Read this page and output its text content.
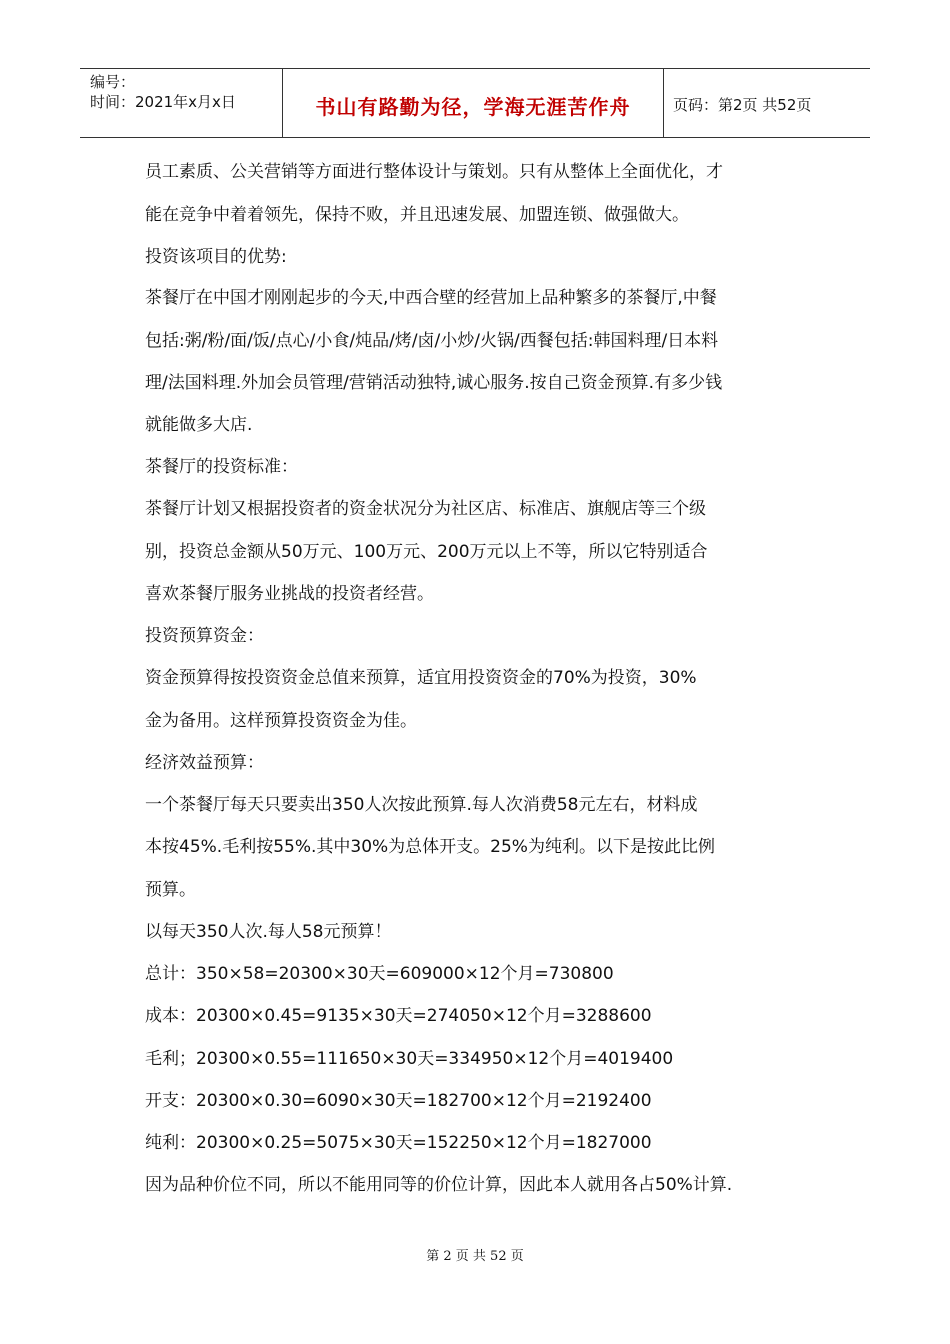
编号：
时间：2021年x月x日	书山有路勤为径，学海无涯苦作舟	页码：第2页 共52页
员工素质、公关营销等方面进行整体设计与策划。只有从整体上全面优化，才
能在竞争中着着领先，保持不败，并且迅速发展、加盟连锁、做强做大。
投资该项目的优势:
茶餐厅在中国才刚刚起步的今天,中西合壁的经营加上品种繁多的茶餐厅,中餐
包括:粥/粉/面/饭/点心/小食/炖品/烤/卤/小炒/火锅/西餐包括:韩国料理/日本料
理/法国料理.外加会员管理/营销活动独特,诚心服务.按自己资金预算.有多少钱
就能做多大店.
茶餐厅的投资标准：
茶餐厅计划又根据投资者的资金状况分为社区店、标准店、旗舰店等三个级
别，投资总金额从50万元、100万元、200万元以上不等，所以它特别适合
喜欢茶餐厅服务业挑战的投资者经营。
投资预算资金：
资金预算得按投资资金总值来预算，适宜用投资资金的70%为投资，30%
金为备用。这样预算投资资金为佳。
经济效益预算：
一个茶餐厅每天只要卖出350人次按此预算.每人次消费58元左右，材料成
本按45%.毛利按55%.其中30%为总体开支。25%为纯利。以下是按此比例
预算。
以每天350人次.每人58元预算！
总计：350×58=20300×30天=609000×12个月=730800
成本：20300×0.45=9135×30天=274050×12个月=3288600
毛利；20300×0.55=111650×30天=334950×12个月=4019400
开支：20300×0.30=6090×30天=182700×12个月=2192400
纯利：20300×0.25=5075×30天=152250×12个月=1827000
因为品种价位不同，所以不能用同等的价位计算，因此本人就用各占50%计算.
第 2 页 共 52 页
